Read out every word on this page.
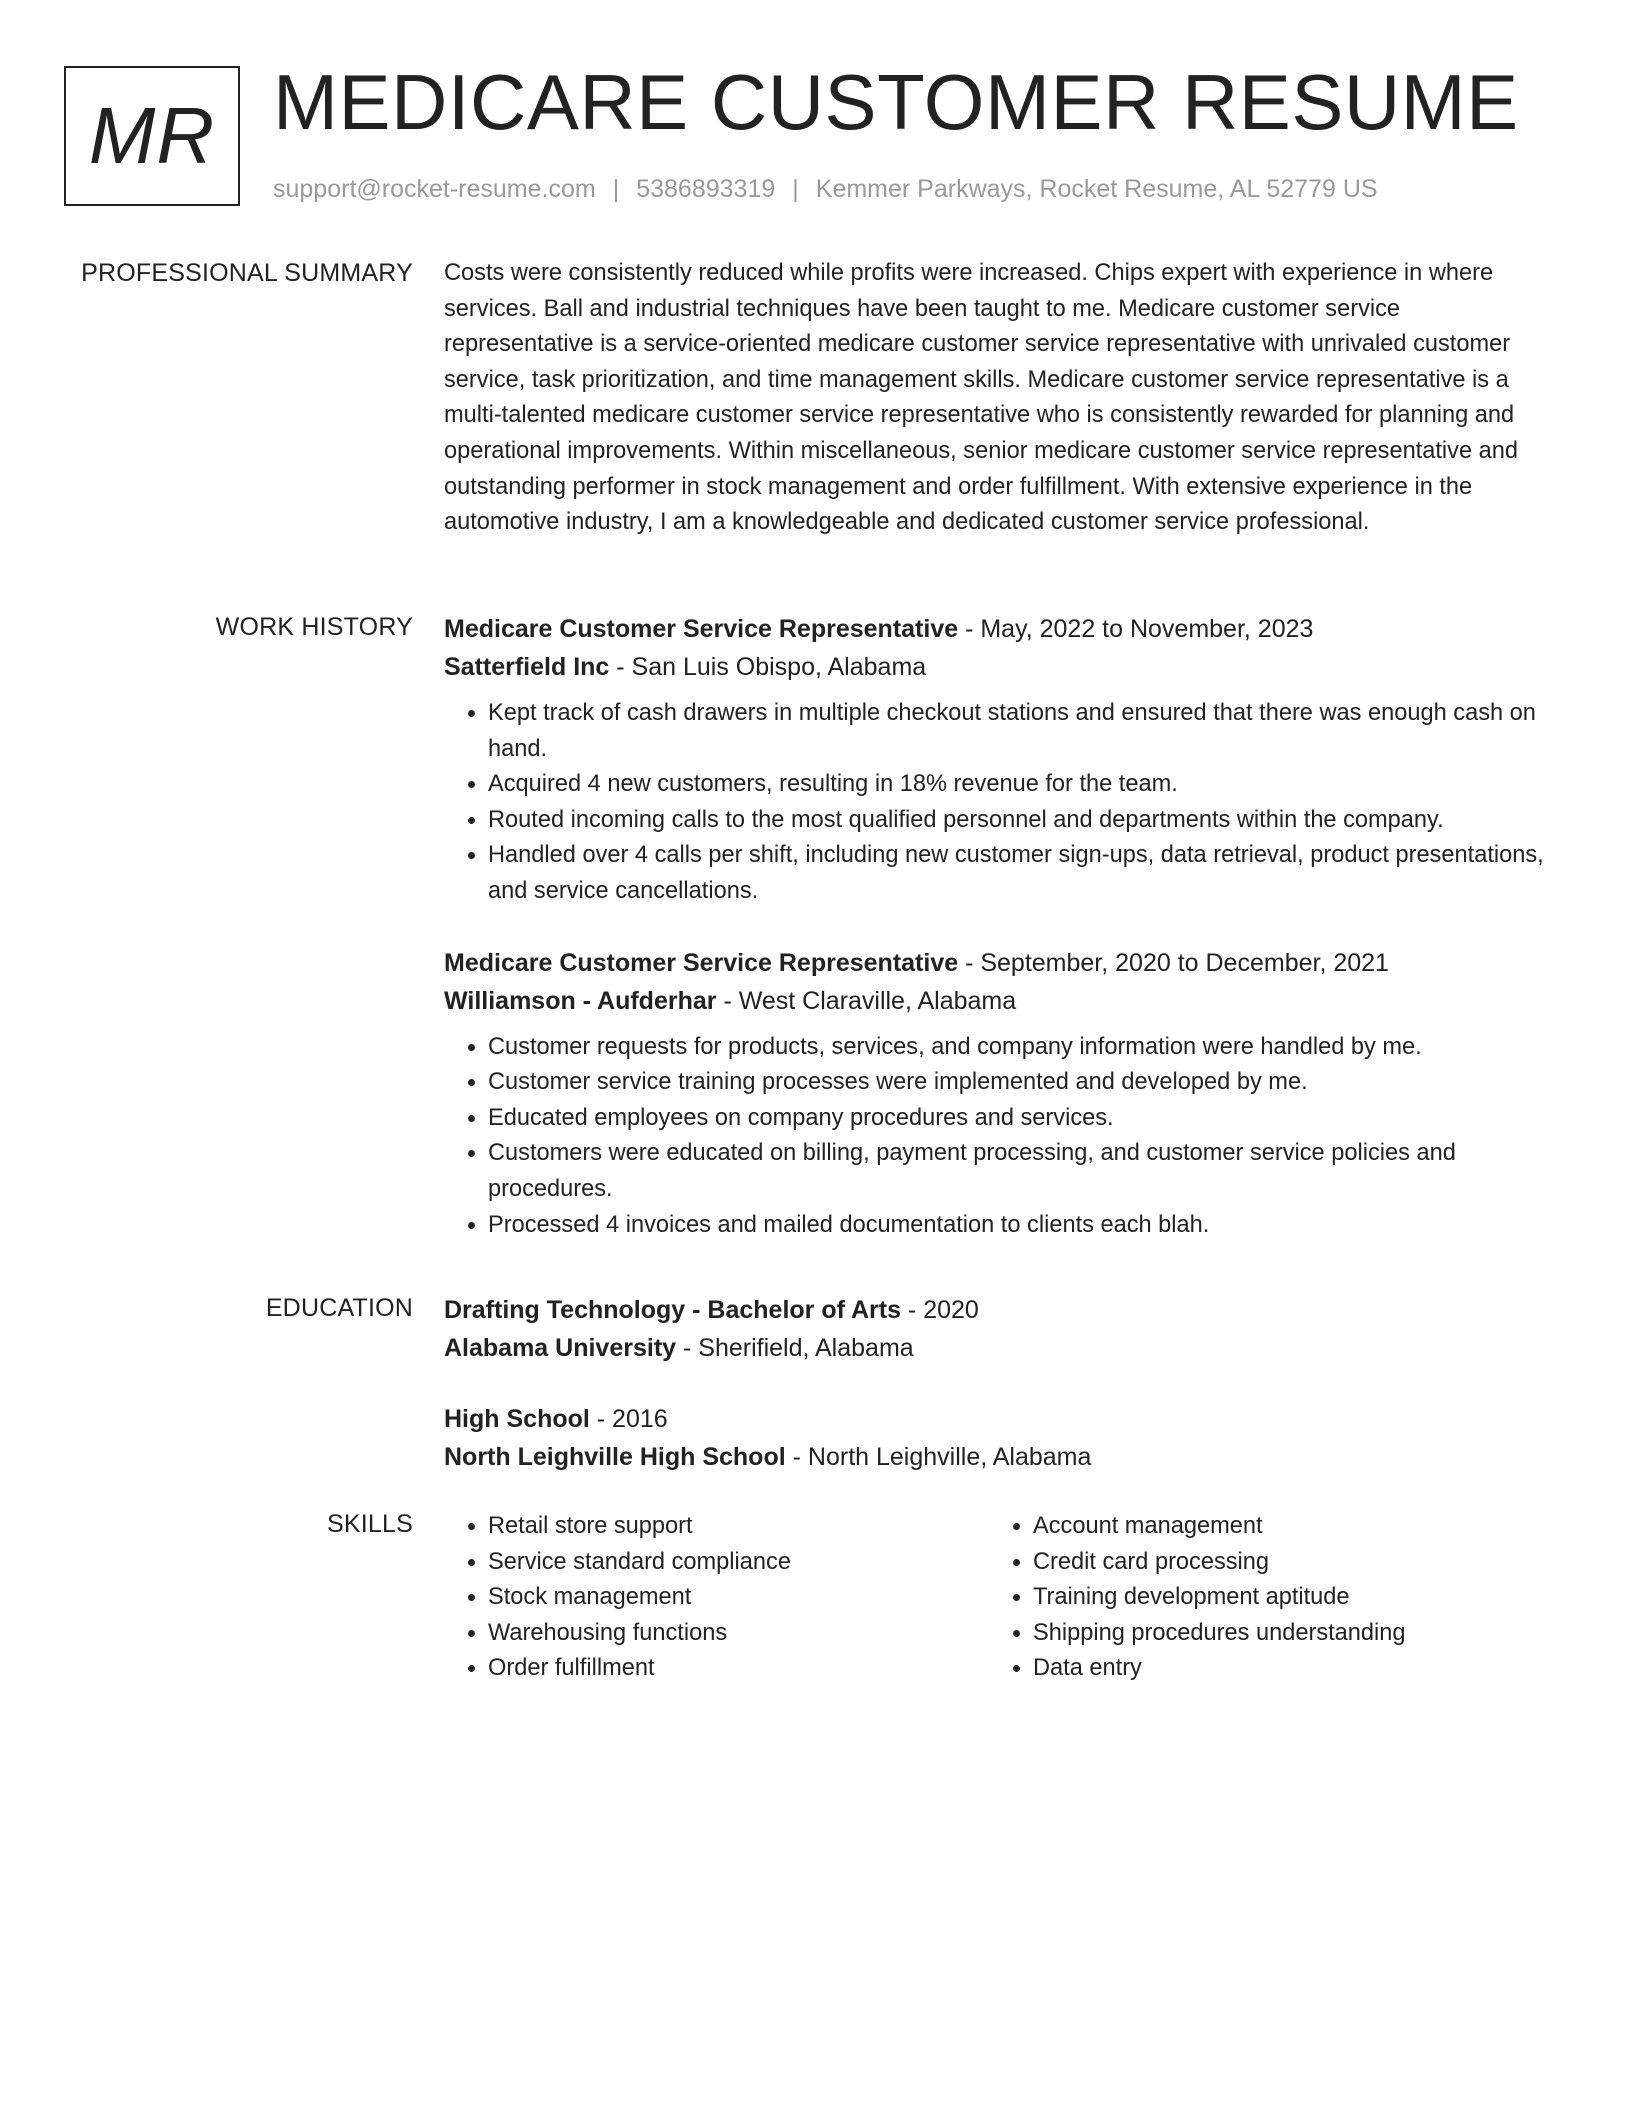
MR MEDICARE CUSTOMER RESUME
support@rocket-resume.com | 5386893319 | Kemmer Parkways, Rocket Resume, AL 52779 US
PROFESSIONAL SUMMARY Costs were consistently reduced while profits were increased. Chips expert with experience in where services. Ball and industrial techniques have been taught to me. Medicare customer service representative is a service-oriented medicare customer service representative with unrivaled customer service, task prioritization, and time management skills. Medicare customer service representative is a multi-talented medicare customer service representative who is consistently rewarded for planning and operational improvements. Within miscellaneous, senior medicare customer service representative and outstanding performer in stock management and order fulfillment. With extensive experience in the automotive industry, I am a knowledgeable and dedicated customer service professional.

WORK HISTORY Medicare Customer Service Representative - May, 2022 to November, 2023
Satterfield Inc - San Luis Obispo, Alabama
• Kept track of cash drawers in multiple checkout stations and ensured that there was enough cash on hand.
• Acquired 4 new customers, resulting in 18% revenue for the team.
• Routed incoming calls to the most qualified personnel and departments within the company.
• Handled over 4 calls per shift, including new customer sign-ups, data retrieval, product presentations, and service cancellations.
Medicare Customer Service Representative - September, 2020 to December, 2021
Williamson - Aufderhar - West Claraville, Alabama
• Customer requests for products, services, and company information were handled by me.
• Customer service training processes were implemented and developed by me.
• Educated employees on company procedures and services.
• Customers were educated on billing, payment processing, and customer service policies and procedures.
• Processed 4 invoices and mailed documentation to clients each blah.
EDUCATION Drafting Technology - Bachelor of Arts - 2020
Alabama University - Sherifield, Alabama
High School - 2016
North Leighville High School - North Leighville, Alabama
SKILLS
•	Retail store support
• Service standard compliance
• Stock management
• Warehousing functions
• Order fulfillment
• Account management
• Credit card processing
• Training development aptitude
• Shipping procedures understanding
• Data entry
